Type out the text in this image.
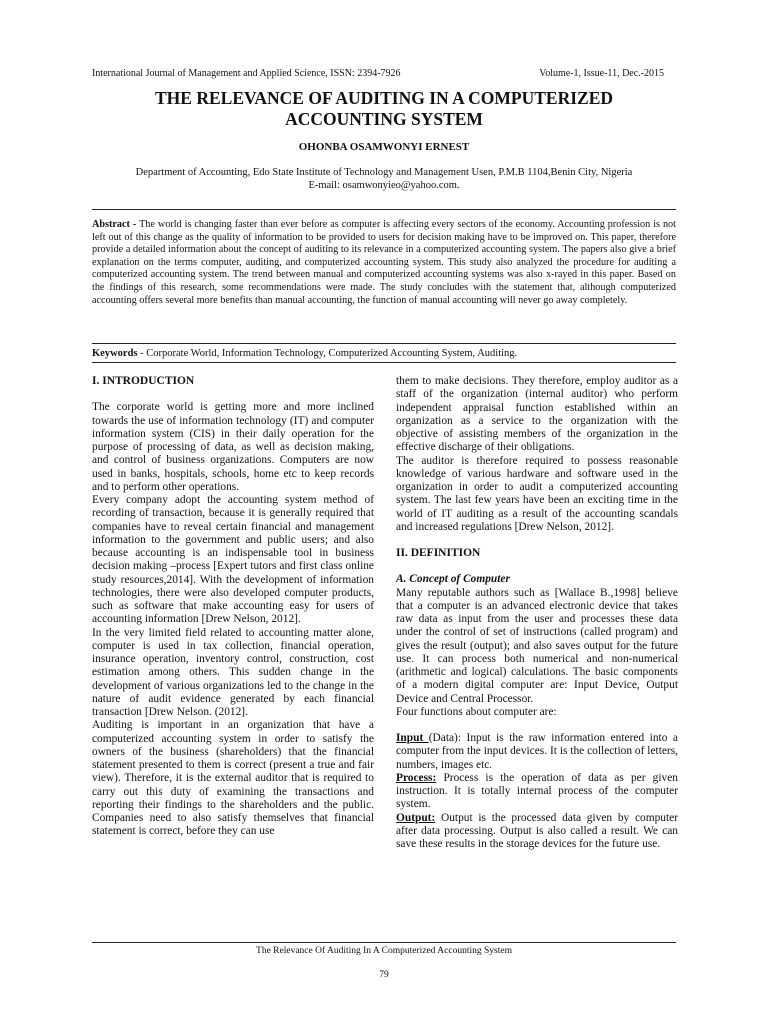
International Journal of Management and Applied Science, ISSN: 2394-7926	Volume-1, Issue-11, Dec.-2015
THE RELEVANCE OF AUDITING IN A COMPUTERIZED
ACCOUNTING SYSTEM
OHONBA OSAMWONYI ERNEST
Department of Accounting, Edo State Institute of Technology and Management Usen, P.M.B 1104,Benin City, Nigeria
E-mail: osamwonyieo@yahoo.com.
Abstract - The world is changing faster than ever before as computer is affecting every sectors of the economy. Accounting profession is not left out of this change as the quality of information to be provided to users for decision making have to be improved on. This paper, therefore provide a detailed information about the concept of auditing to its relevance in a computerized accounting system. The papers also give a brief explanation on the terms computer, auditing, and computerized accounting system. This study also analyzed the procedure for auditing a computerized accounting system. The trend between manual and computerized accounting systems was also x-rayed in this paper. Based on the findings of this research, some recommendations were made. The study concludes with the statement that, although computerized accounting offers several more benefits than manual accounting, the function of manual accounting will never go away completely.
Keywords - Corporate World, Information Technology, Computerized Accounting System, Auditing.

I. INTRODUCTION

The corporate world is getting more and more inclined towards the use of information technology (IT) and computer information system (CIS) in their daily operation for the purpose of processing of data, as well as decision making, and control of business organizations. Computers are now used in banks, hospitals, schools, home etc to keep records and to perform other operations.

Every company adopt the accounting system method of recording of transaction, because it is generally required that companies have to reveal certain financial and management information to the government and public users; and also because accounting is an indispensable tool in business decision making –process [Expert tutors and first class online study resources,2014]. With the development of information technologies, there were also developed computer products, such as software that make accounting easy for users of accounting information [Drew Nelson, 2012].

In the very limited field related to accounting matter alone, computer is used in tax collection, financial operation, insurance operation, inventory control, construction, cost estimation among others. This sudden change in the development of various organizations led to the change in the nature of audit evidence generated by each financial transaction [Drew Nelson. (2012].

Auditing is important in an organization that have a computerized accounting system in order to satisfy the owners of the business (shareholders) that the financial statement presented to them is correct (present a true and fair view). Therefore, it is the external auditor that is required to carry out this duty of examining the transactions and reporting their findings to the shareholders and the public. Companies need to also satisfy themselves that financial statement is correct, before they can use

them to make decisions. They therefore, employ auditor as a staff of the organization (internal auditor) who perform independent appraisal function established within an organization as a service to the organization with the objective of assisting members of the organization in the effective discharge of their obligations.

The auditor is therefore required to possess reasonable knowledge of various hardware and software used in the organization in order to audit a computerized accounting system. The last few years have been an exciting time in the world of IT auditing as a result of the accounting scandals and increased regulations [Drew Nelson, 2012].

II. DEFINITION

A. Concept of Computer

Many reputable authors such as [Wallace B.,1998] believe that a computer is an advanced electronic device that takes raw data as input from the user and processes these data under the control of set of instructions (called program) and gives the result (output); and also saves output for the future use. It can process both numerical and non-numerical (arithmetic and logical) calculations. The basic components of a modern digital computer are: Input Device, Output Device and Central Processor.

Four functions about computer are:

Input (Data): Input is the raw information entered into a computer from the input devices. It is the collection of letters, numbers, images etc.

Process: Process is the operation of data as per given instruction. It is totally internal process of the computer system.

Output: Output is the processed data given by computer after data processing. Output is also called a result. We can save these results in the storage devices for the future use.

The Relevance Of Auditing In A Computerized Accounting System
79
